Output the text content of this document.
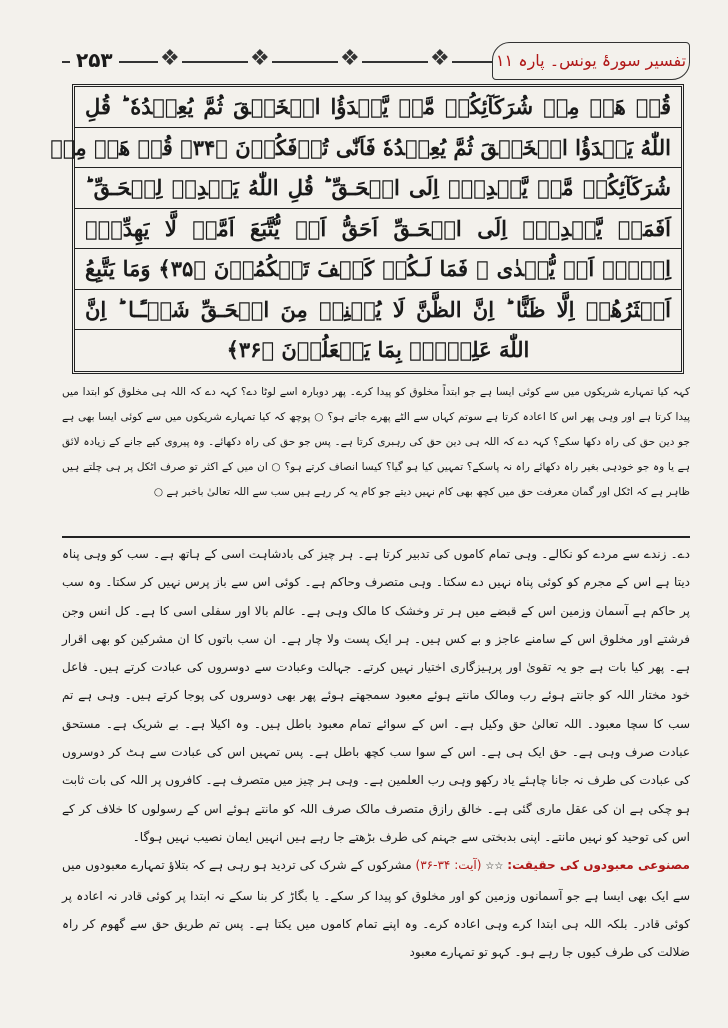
۲۵۳ ❖	❖	❖	❖	تفسیر سورۂ یونس۔ پارہ ۱۱
قُلۡ هَلۡ مِنۡ شُرَكَآئِكُمۡ مَّنۡ يَّبۡدَؤُا الۡخَلۡقَ ثُمَّ يُعِيۡدُهٗ ؕ قُلِ
اللّٰهُ يَبۡدَؤُا الۡخَلۡقَ ثُمَّ يُعِيۡدُهٗ فَاَنّٰى تُؤۡفَكُوۡنَ ﴿۳۴﴾ قُلۡ هَلۡ مِنۡ
شُرَكَآئِكُمۡ مَّنۡ يَّهۡدِىۡۤ اِلَى الۡحَـقِّ ؕ قُلِ اللّٰهُ يَهۡدِىۡ لِلۡحَـقِّ ؕ
اَفَمَنۡ يَّهۡدِىۡۤ اِلَى الۡحَـقِّ اَحَقُّ اَنۡ يُّتَّبَعَ اَمَّنۡ لَّا يَهِدِّىۡۤ
اِلَّاۤ اَنۡ يُّهۡدٰى ۚ فَمَا لَـكُمۡ كَيۡفَ تَحۡكُمُوۡنَ ﴿۳۵﴾ وَمَا يَتَّبِعُ
اَكۡثَرُهُمۡ اِلَّا ظَنًّا ؕ اِنَّ الظَّنَّ لَا يُغۡنِىۡ مِنَ الۡحَـقِّ شَيۡـًٔـا ؕ اِنَّ
اللّٰهَ عَلِيۡمٌۢ بِمَا يَفۡعَلُوۡنَ ﴿۳۶﴾

کہہ کیا تمہارے شریکوں میں سے کوئی ایسا ہے جو ابتداً مخلوق کو پیدا کرے۔ پھر دوبارہ اسے لوٹا دے؟ کہہ دے کہ اللہ ہی مخلوق کو ابتدا میں پیدا کرتا ہے اور وہی پھر اس کا اعادہ کرتا ہے سوتم کہاں سے الٹے پھرے جاتے ہو؟ ○ پوچھ کہ کیا تمہارے شریکوں میں سے کوئی ایسا بھی ہے جو دین حق کی راہ دکھا سکے؟ کہہ دے کہ اللہ ہی دین حق کی رہبری کرتا ہے۔ پس جو حق کی راہ دکھائے۔ وہ پیروی کیے جانے کے زیادہ لائق ہے یا وہ جو خودہی بغیر راہ دکھائے راہ نہ پاسکے؟ تمہیں کیا ہو گیا؟ کیسا انصاف کرتے ہو؟ ○ ان میں کے اکثر تو صرف اٹکل پر ہی چلتے ہیں ظاہر ہے کہ اٹکل اور گمان معرفت حق میں کچھ بھی کام نہیں دیتے جو کام یہ کر رہے ہیں سب سے اللہ تعالیٰ باخبر ہے ○

دے۔ زندے سے مردے کو نکالے۔ وہی تمام کاموں کی تدبیر کرتا ہے۔ ہر چیز کی بادشاہت اسی کے ہاتھ ہے۔ سب کو وہی پناہ دیتا ہے اس کے مجرم کو کوئی پناہ نہیں دے سکتا۔ وہی متصرف وحاکم ہے۔ کوئی اس سے باز پرس نہیں کر سکتا۔ وہ سب پر حاکم ہے آسمان وزمین اس کے قبضے میں ہر تر وخشک کا مالک وہی ہے۔ عالم بالا اور سفلی اسی کا ہے۔ کل انس وجن فرشتے اور مخلوق اس کے سامنے عاجز و بے کس ہیں۔ ہر ایک پست ولا چار ہے۔ ان سب باتوں کا ان مشرکین کو بھی اقرار ہے۔ پھر کیا بات ہے جو یہ تقویٰ اور پرہیزگاری اختیار نہیں کرتے۔ جہالت وعبادت سے دوسروں کی عبادت کرتے ہیں۔ فاعل خود مختار اللہ کو جانتے ہوئے رب ومالک مانتے ہوئے معبود سمجھتے ہوئے پھر بھی دوسروں کی پوجا کرتے ہیں۔ وہی ہے تم سب کا سچا معبود۔ اللہ تعالیٰ حق وکیل ہے۔ اس کے سوائے تمام معبود باطل ہیں۔ وہ اکیلا ہے۔ بے شریک ہے۔ مستحق عبادت صرف وہی ہے۔ حق ایک ہی ہے۔ اس کے سوا سب کچھ باطل ہے۔ پس تمہیں اس کی عبادت سے ہٹ کر دوسروں کی عبادت کی طرف نہ جانا چاہئے یاد رکھو وہی رب العلمین ہے۔ وہی ہر چیز میں متصرف ہے۔ کافروں پر اللہ کی بات ثابت ہو چکی ہے ان کی عقل ماری گئی ہے۔ خالق رازق متصرف مالک صرف اللہ کو مانتے ہوئے اس کے رسولوں کا خلاف کر کے اس کی توحید کو نہیں مانتے۔ اپنی بدبختی سے جہنم کی طرف بڑھتے جا رہے ہیں انہیں ایمان نصیب نہیں ہوگا۔

مصنوعی معبودوں کی حقیقت: ☆☆ (آیت: ۳۴-۳۶) مشرکوں کے شرک کی تردید ہو رہی ہے کہ بتلاؤ تمہارے معبودوں میں سے ایک بھی ایسا ہے جو آسمانوں وزمین کو اور مخلوق کو پیدا کر سکے۔ یا بگاڑ کر بنا سکے نہ ابتدا پر کوئی قادر نہ اعادہ پر کوئی قادر۔ بلکہ اللہ ہی ابتدا کرے وہی اعادہ کرے۔ وہ اپنے تمام کاموں میں یکتا ہے۔ پس تم طریق حق سے گھوم کر راہ ضلالت کی طرف کیوں جا رہے ہو۔ کہو تو تمہارے معبود
